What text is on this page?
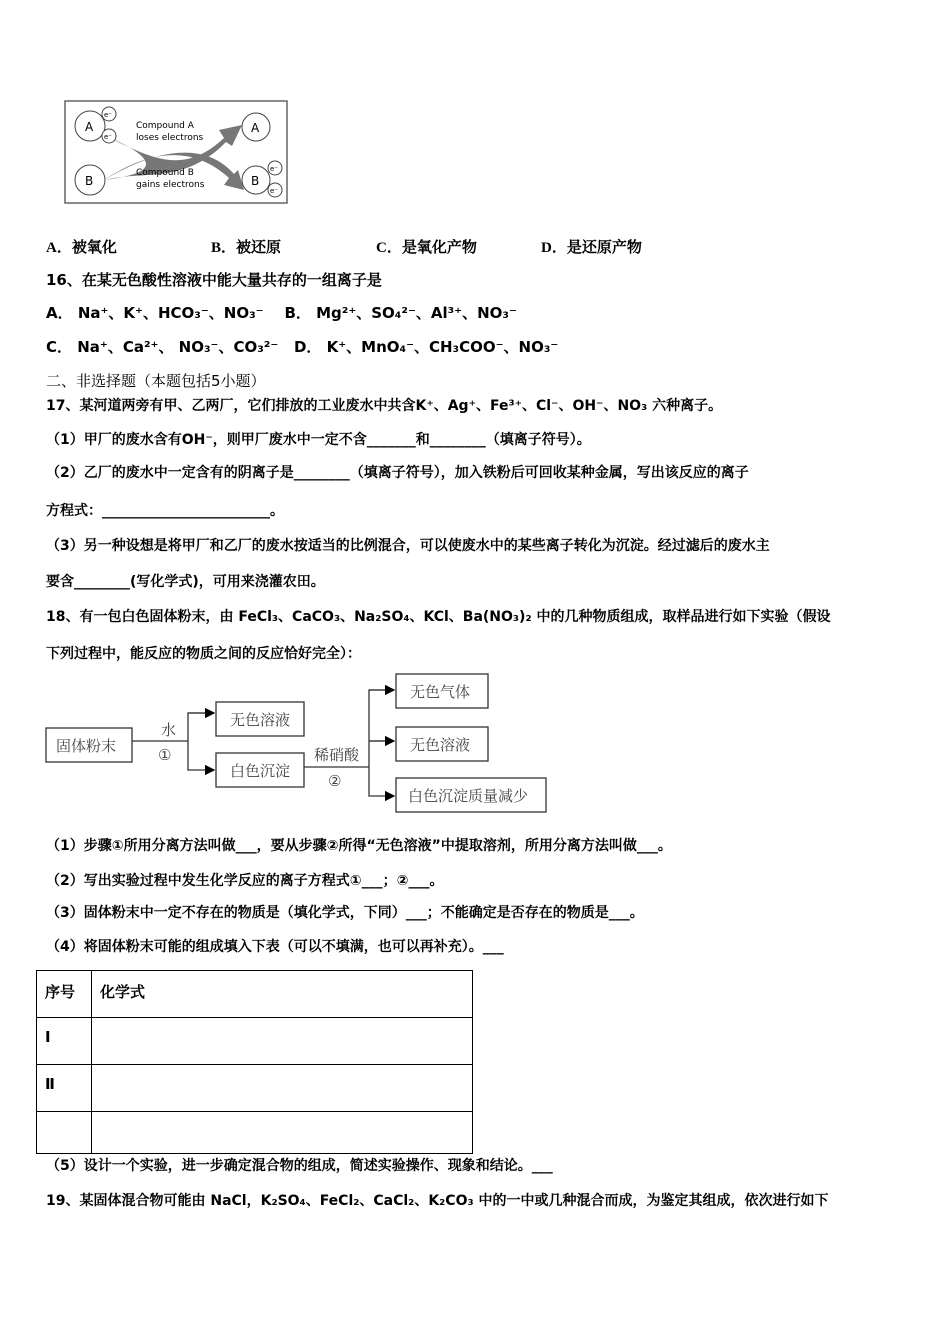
A
B
A
B
e⁻
e⁻
e⁻
e⁻
Compound A
loses electrons
Compound B
gains electrons
A．被氧化	B．被还原	C．是氧化产物	D．是还原产物
16、在某无色酸性溶液中能大量共存的一组离子是
A． Na⁺、K⁺、HCO₃⁻、NO₃⁻    B． Mg²⁺、SO₄²⁻、Al³⁺、NO₃⁻
C． Na⁺、Ca²⁺、 NO₃⁻、CO₃²⁻   D． K⁺、MnO₄⁻、CH₃COO⁻、NO₃⁻
二、非选择题（本题包括5小题）
17、某河道两旁有甲、乙两厂，它们排放的工业废水中共含K⁺、Ag⁺、Fe³⁺、Cl⁻、OH⁻、NO₃ 六种离子。
（1）甲厂的废水含有OH⁻，则甲厂废水中一定不含_______和________（填离子符号）。
（2）乙厂的废水中一定含有的阴离子是________（填离子符号），加入铁粉后可回收某种金属，写出该反应的离子
方程式：________________________。
（3）另一种设想是将甲厂和乙厂的废水按适当的比例混合，可以使废水中的某些离子转化为沉淀。经过滤后的废水主
要含________(写化学式)，可用来浇灌农田。
18、有一包白色固体粉末，由 FeCl₃、CaCO₃、Na₂SO₄、KCl、Ba(NO₃)₂ 中的几种物质组成，取样品进行如下实验（假设
下列过程中，能反应的物质之间的反应恰好完全）：
固体粉末
水
①
无色溶液
白色沉淀
稀硝酸
②
无色气体
无色溶液
白色沉淀质量减少
（1）步骤①所用分离方法叫做___，要从步骤②所得“无色溶液”中提取溶剂，所用分离方法叫做___。
（2）写出实验过程中发生化学反应的离子方程式①___；②___。
（3）固体粉末中一定不存在的物质是（填化学式，下同）___；不能确定是否存在的物质是___。
（4）将固体粉末可能的组成填入下表（可以不填满，也可以再补充）。___
序号	化学式
Ⅰ	
Ⅱ	

（5）设计一个实验，进一步确定混合物的组成，简述实验操作、现象和结论。___
19、某固体混合物可能由 NaCl，K₂SO₄、FeCl₂、CaCl₂、K₂CO₃ 中的一中或几种混合而成，为鉴定其组成，依次进行如下
